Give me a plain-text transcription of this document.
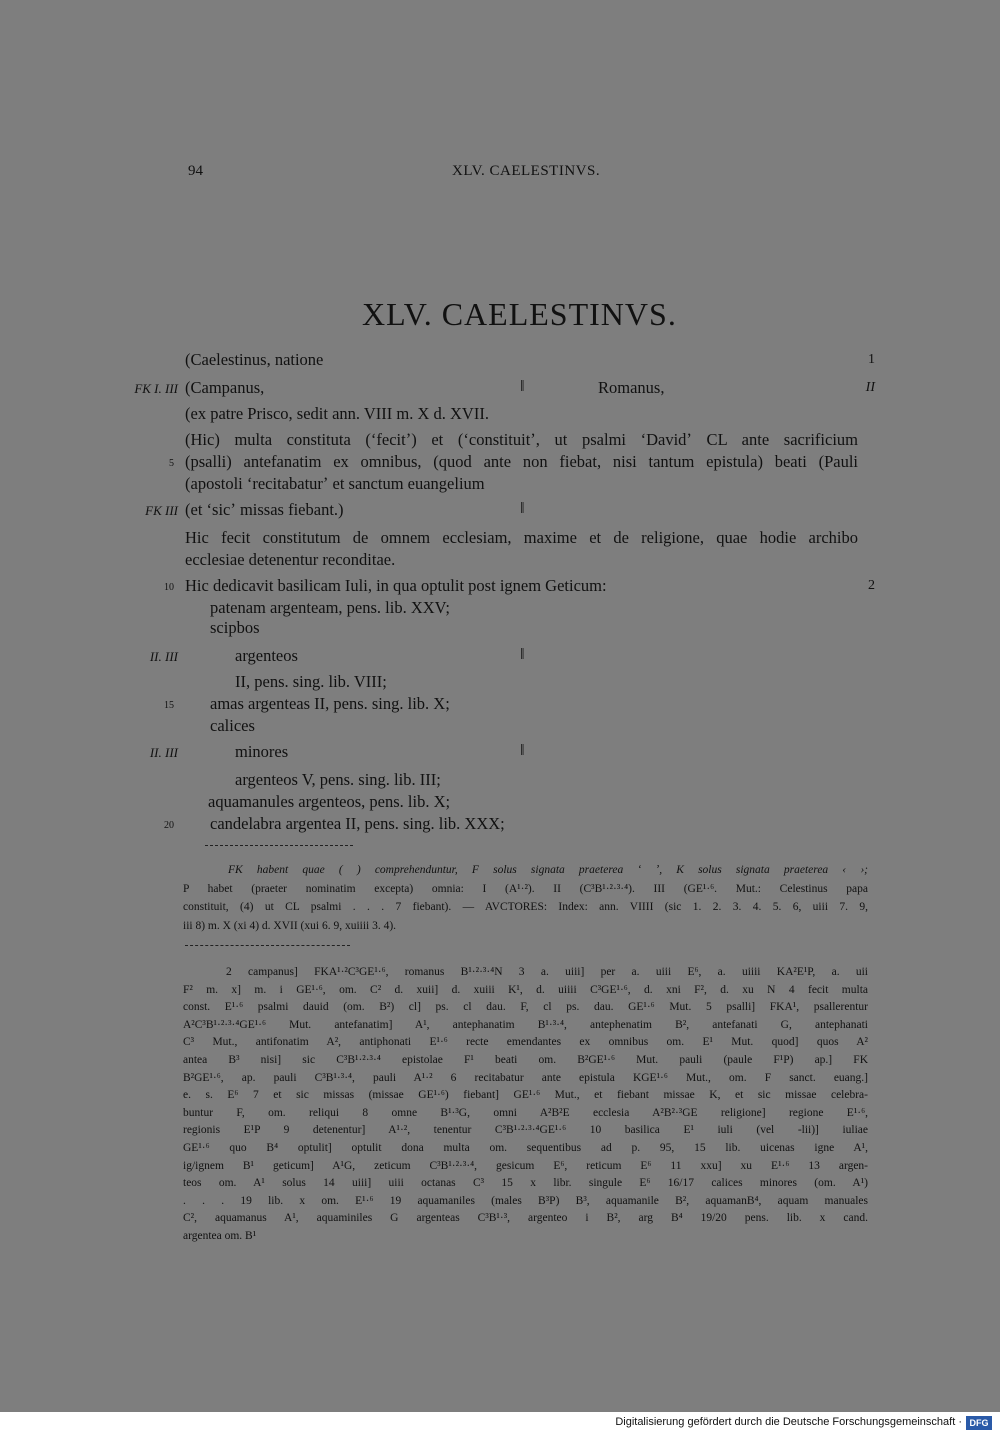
94	XLV. CAELESTINVS.
XLV. CAELESTINVS.
(Caelestinus, natione	1
FK I. III (Campanus,	‖	Romanus,	II
(ex patre Prisco, sedit ann. VIII m. X d. XVII.
(Hic) multa constituta (ʻfecitʼ) et (ʻconstituitʼ, ut psalmi ʻDavidʼ CL ante sacrificium
5 (psalli) antefanatim ex omnibus, (quod ante non fiebat, nisi tantum epistula) beati (Pauli
(apostoli ʻrecitabaturʼ et sanctum euangelium
FK III (et ʻsicʼ missas fiebant.)	‖
Hic fecit constitutum de omnem ecclesiam, maxime et de religione, quae hodie archibo
ecclesiae detenentur reconditae.
10 Hic dedicavit basilicam Iuli, in qua optulit post ignem Geticum:	2
patenam argenteam, pens. lib. XXV;
scipbos
II. III	argenteos	‖
II, pens. sing. lib. VIII;
15 amas argenteas II, pens. sing. lib. X;
calices
II. III	minores	‖
argenteos V, pens. sing. lib. III;
aquamanules argenteos, pens. lib. X;
20 candelabra argentea II, pens. sing. lib. XXX;
FK habent quae ( ) comprehenduntur, F solus signata praeterea ʻ ʼ, K solus signata praeterea ‹ ›;
P habet (praeter nominatim excepta) omnia: I (A¹·²). II (C³B¹·²·³·⁴). III (GE¹·⁶. Mut.: Celestinus papa
constituit, (4) ut CL psalmi . . . 7 fiebant). — AVCTORES: Index: ann. VIIII (sic 1. 2. 3. 4. 5. 6, uiii 7. 9,
iii 8) m. X (xi 4) d. XVII (xui 6. 9, xuiiii 3. 4).
2 campanus] FKA¹·²C³GE¹·⁶, romanus B¹·²·³·⁴N 3 a. uiii] per a. uiii E⁶, a. uiiii KA²E¹P, a. uii
F² m. x] m. i GE¹·⁶, om. C² d. xuii] d. xuiii K¹, d. uiiii C³GE¹·⁶, d. xni F², d. xu N 4 fecit multa
const. E¹·⁶ psalmi dauid (om. B²) cl] ps. cl dau. F, cl ps. dau. GE¹·⁶ Mut. 5 psalli] FKA¹, psallerentur
A²C³B¹·²·³·⁴GE¹·⁶ Mut. antefanatim] A¹, antephanatim B¹·³·⁴, antephenatim B², antefanati G, antephanati
C³ Mut., antifonatim A², antiphonati E¹·⁶ recte emendantes ex omnibus om. E¹ Mut. quod] quos A²
antea B³ nisi] sic C³B¹·²·³·⁴ epistolae F¹ beati om. B²GE¹·⁶ Mut. pauli (paule F¹P) ap.] FK
B²GE¹·⁶, ap. pauli C³B¹·³·⁴, pauli A¹·² 6 recitabatur ante epistula KGE¹·⁶ Mut., om. F sanct. euang.]
e. s. E⁶ 7 et sic missas (missae GE¹·⁶) fiebant] GE¹·⁶ Mut., et fiebant missae K, et sic missae celebra-
buntur F, om. reliqui 8 omne B¹·³G, omni A²B²E ecclesia A²B²·³GE religione] regione E¹·⁶,
regionis E¹P 9 detenentur] A¹·², tenentur C³B¹·²·³·⁴GE¹·⁶ 10 basilica E¹ iuli (vel -lii)] iuliae
GE¹·⁶ quo B⁴ optulit] optulit dona multa om. sequentibus ad p. 95, 15 lib. uicenas igne A¹,
ig/ignem B¹ geticum] A¹G, zeticum C³B¹·²·³·⁴, gesicum E⁶, reticum E⁶ 11 xxu] xu E¹·⁶ 13 argen-
teos om. A¹ solus 14 uiii] uiii octanas C³ 15 x libr. singule E⁶ 16/17 calices minores (om. A¹)
. . . 19 lib. x om. E¹·⁶ 19 aquamaniles (males B³P) B³, aquamanile B², aquamanB⁴, aquam manuales
C², aquamanus A¹, aquaminiles G argenteas C³B¹·³, argenteo i B², arg B⁴ 19/20 pens. lib. x cand.
argentea om. B¹
Digitalisierung gefördert durch die Deutsche Forschungsgemeinschaft · DFG
